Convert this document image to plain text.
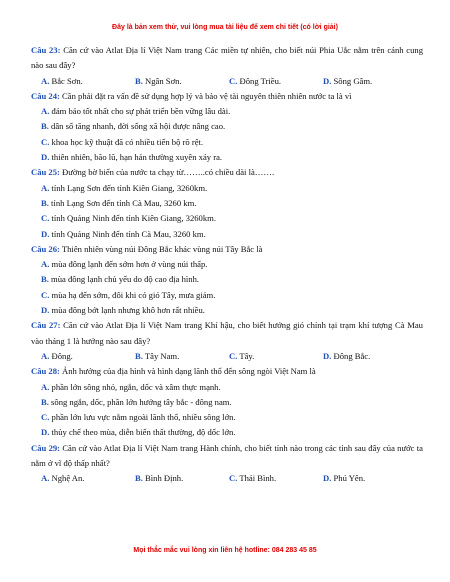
Đây là bản xem thử, vui lòng mua tài liệu để xem chi tiết (có lời giải)
Câu 23: Căn cứ vào Atlat Địa lí Việt Nam trang Các miền tự nhiên, cho biết núi Phia Uắc nằm trên cánh cung nào sau đây?
A. Bắc Sơn.	B. Ngân Sơn.	C. Đông Triều.	D. Sông Gâm.
Câu 24: Cần phải đặt ra vấn đề sử dụng hợp lý và bảo vệ tài nguyên thiên nhiên nước ta là vì
A. đảm bảo tốt nhất cho sự phát triển bền vững lâu dài.
B. dân số tăng nhanh, đời sống xã hội được nâng cao.
C. khoa học kỹ thuật đã có nhiều tiến bộ rõ rệt.
D. thiên nhiên, bão lũ, hạn hán thường xuyên xảy ra.
Câu 25: Đường bờ biển của nước ta chạy từ……..có chiều dài là…….
A. tỉnh Lạng Sơn đến tỉnh Kiên Giang, 3260km.
B. tỉnh Lạng Sơn đến tỉnh Cà Mau, 3260 km.
C. tỉnh Quảng Ninh đến tỉnh Kiên Giang, 3260km.
D. tỉnh Quảng Ninh đến tỉnh Cà Mau, 3260 km.
Câu 26: Thiên nhiên vùng núi Đông Bắc khác vùng núi Tây Bắc là
A. mùa đông lạnh đến sớm hơn ở vùng núi thấp.
B. mùa đông lạnh chủ yếu do độ cao địa hình.
C. mùa hạ đến sớm, đôi khi có gió Tây, mưa giảm.
D. mùa đông bớt lạnh nhưng khô hơn rất nhiều.
Câu 27: Căn cứ vào Atlat Địa lí Việt Nam trang Khí hậu, cho biết hướng gió chính tại trạm khí tượng Cà Mau vào tháng 1 là hướng nào sau đây?
A. Đông.	B. Tây Nam.	C. Tây.	D. Đông Bắc.
Câu 28: Ảnh hưởng của địa hình và hình dạng lãnh thổ đến sông ngòi Việt Nam là
A. phần lớn sông nhỏ, ngắn, dốc và xâm thực mạnh.
B. sông ngắn, dốc, phần lớn hướng tây bắc - đông nam.
C. phần lớn lưu vực nằm ngoài lãnh thổ, nhiều sông lớn.
D. thủy chế theo mùa, diễn biến thất thường, độ dốc lớn.
Câu 29: Căn cứ vào Atlat Địa lí Việt Nam trang Hành chính, cho biết tỉnh nào trong các tỉnh sau đây của nước ta nằm ở vĩ độ thấp nhất?
A. Nghệ An.	B. Bình Định.	C. Thái Bình.	D. Phú Yên.
Mọi thắc mắc vui lòng xin liên hệ hotline: 084 283 45 85
